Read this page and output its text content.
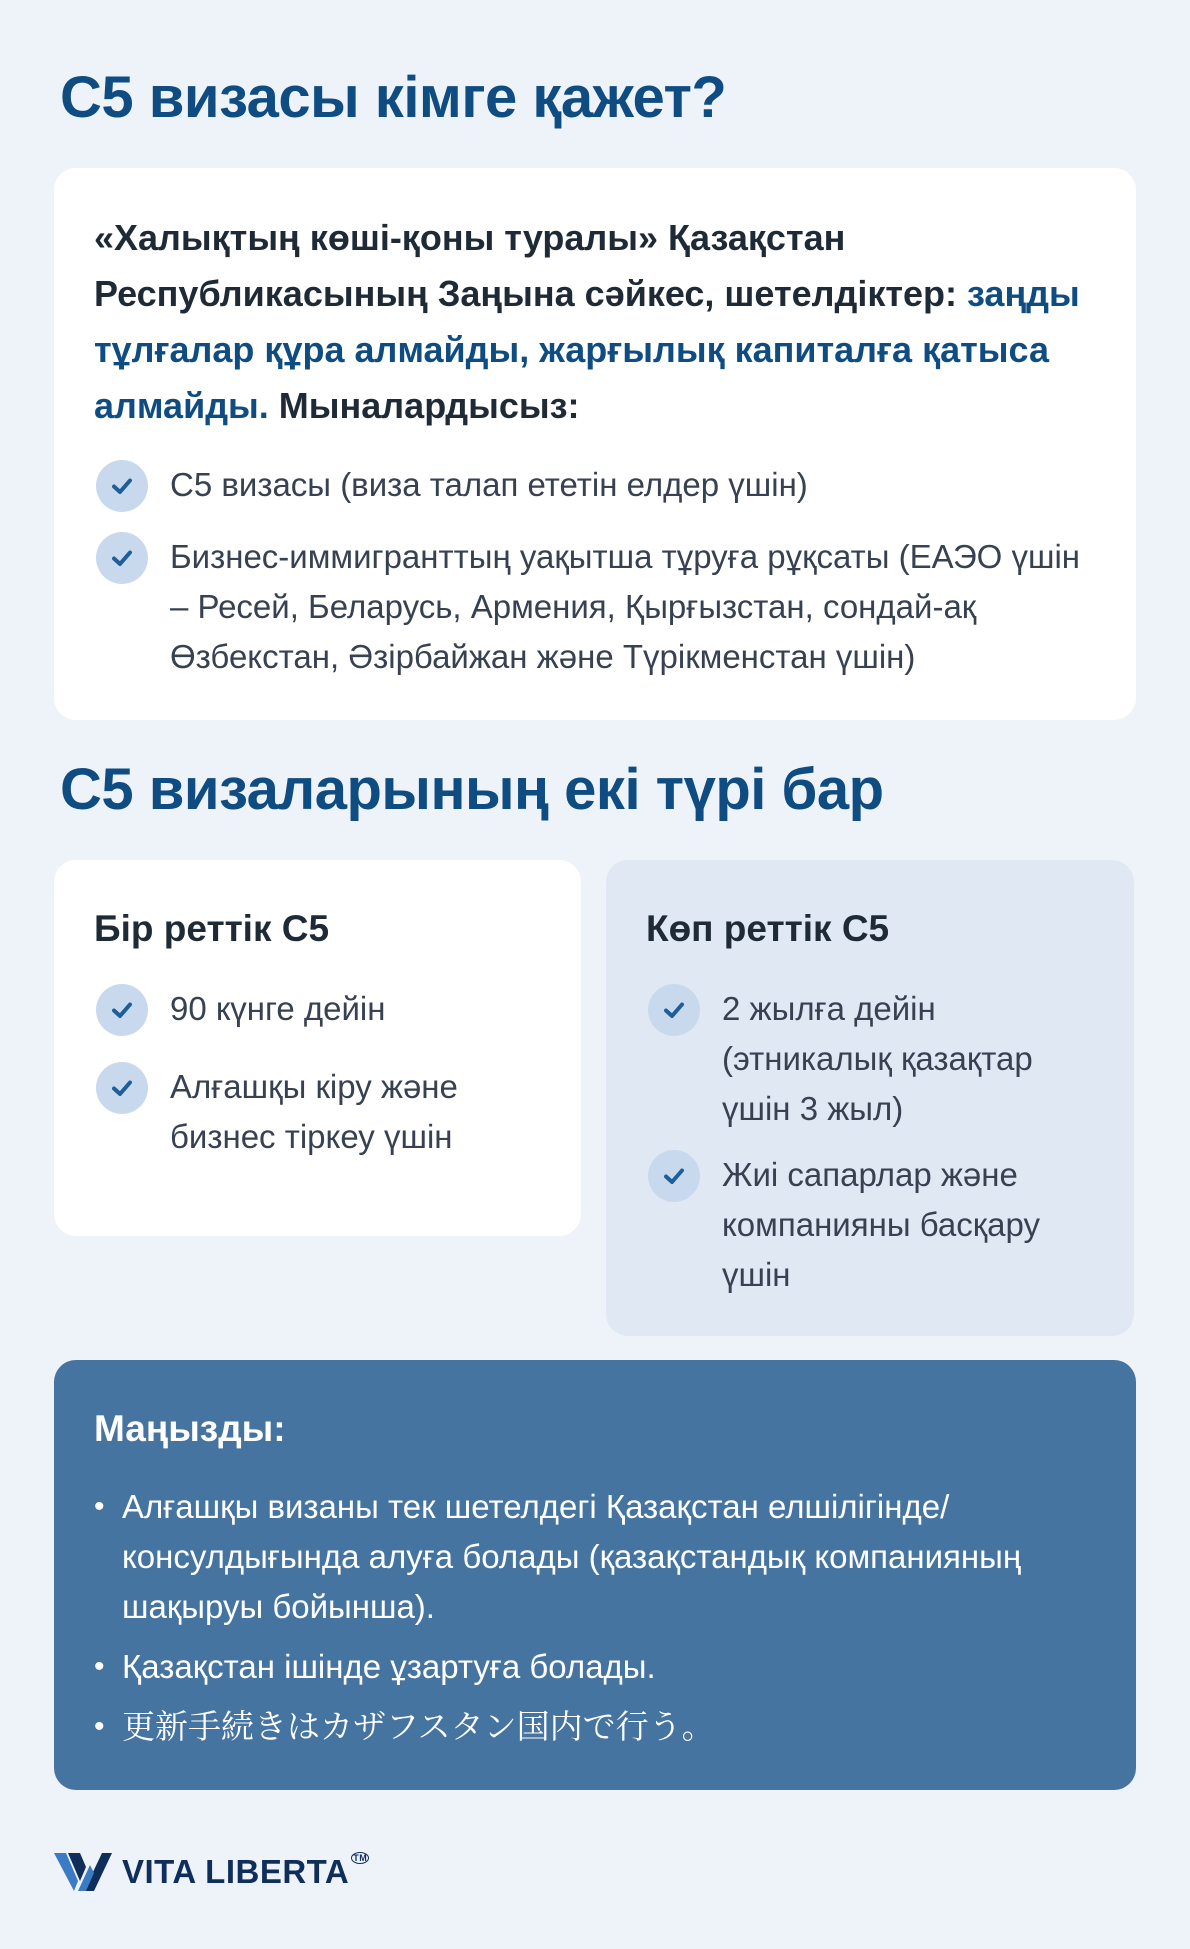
C5 визасы кімге қажет?

«Халықтың көші-қоны туралы» Қазақстан Республикасының Заңына сәйкес, шетелдіктер: заңды тұлғалар құра алмайды, жарғылық капиталға қатыса алмайды. Мыналардысыз:

C5 визасы (виза талап ететін елдер үшін)
Бизнес-иммигранттың уақытша тұруға рұқсаты (ЕАЭО үшін – Ресей, Беларусь, Армения, Қырғызстан, сондай-ақ Өзбекстан, Әзірбайжан және Түрікменстан үшін)
C5 визаларының екі түрі бар
Бір реттік C5
90 күнге дейін
Алғашқы кіру және бизнес тіркеу үшін
Көп реттік C5
2 жылға дейін (этникалық қазақтар үшін 3 жыл)
Жиі сапарлар және компанияны басқару үшін
Маңызды:
• Алғашқы визаны тек шетелдегі Қазақстан елшілігінде/консулдығында алуға болады (қазақстандық компанияның шақыруы бойынша).
• Қазақстан ішінде ұзартуға болады.
• 更新手続きはカザフスタン国内で行う。
VITA LIBERTA ™
